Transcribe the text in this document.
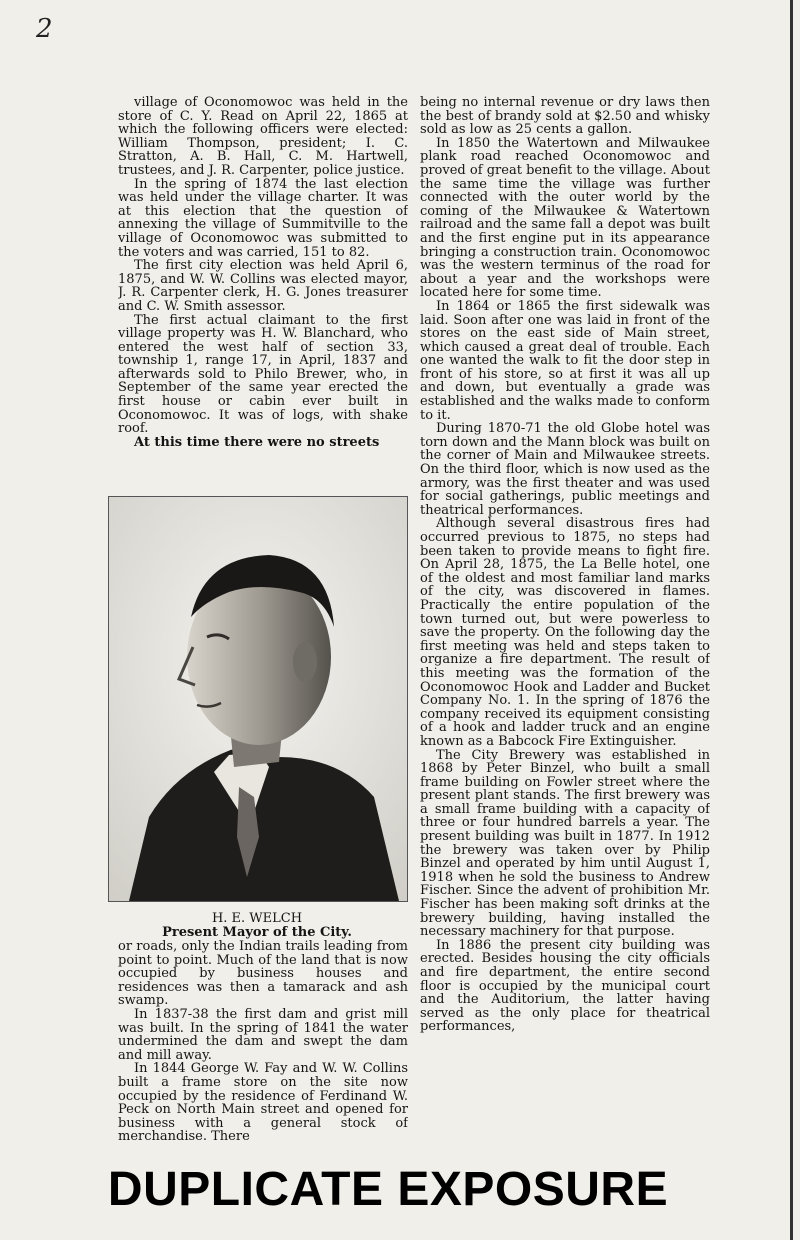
2

village of Oconomowoc was held in the store of C. Y. Read on April 22, 1865 at which the following officers were elected: William Thompson, president; I. C. Stratton, A. B. Hall, C. M. Hartwell, trustees, and J. R. Carpenter, police justice.

In the spring of 1874 the last election was held under the village charter. It was at this election that the question of annexing the village of Summitville to the village of Oconomowoc was submitted to the voters and was carried, 151 to 82.

The first city election was held April 6, 1875, and W. W. Collins was elected mayor, J. R. Carpenter clerk, H. G. Jones treasurer and C. W. Smith assessor.

The first actual claimant to the first village property was H. W. Blanchard, who entered the west half of section 33, township 1, range 17, in April, 1837 and afterwards sold to Philo Brewer, who, in September of the same year erected the first house or cabin ever built in Oconomowoc. It was of logs, with shake roof.

At this time there were no streets

H. E. WELCH
Present Mayor of the City.

or roads, only the Indian trails leading from point to point. Much of the land that is now occupied by business houses and residences was then a tamarack and ash swamp.

In 1837-38 the first dam and grist mill was built. In the spring of 1841 the water undermined the dam and swept the dam and mill away.

In 1844 George W. Fay and W. W. Collins built a frame store on the site now occupied by the residence of Ferdinand W. Peck on North Main street and opened for business with a general stock of merchandise. There

being no internal revenue or dry laws then the best of brandy sold at $2.50 and whisky sold as low as 25 cents a gallon.

In 1850 the Watertown and Milwaukee plank road reached Oconomowoc and proved of great benefit to the village. About the same time the village was further connected with the outer world by the coming of the Milwaukee & Watertown railroad and the same fall a depot was built and the first engine put in its appearance bringing a construction train. Oconomowoc was the western terminus of the road for about a year and the workshops were located here for some time.

In 1864 or 1865 the first sidewalk was laid. Soon after one was laid in front of the stores on the east side of Main street, which caused a great deal of trouble. Each one wanted the walk to fit the door step in front of his store, so at first it was all up and down, but eventually a grade was established and the walks made to conform to it.

During 1870-71 the old Globe hotel was torn down and the Mann block was built on the corner of Main and Milwaukee streets. On the third floor, which is now used as the armory, was the first theater and was used for social gatherings, public meetings and theatrical performances.

Although several disastrous fires had occurred previous to 1875, no steps had been taken to provide means to fight fire. On April 28, 1875, the La Belle hotel, one of the oldest and most familiar land marks of the city, was discovered in flames. Practically the entire population of the town turned out, but were powerless to save the property. On the following day the first meeting was held and steps taken to organize a fire department. The result of this meeting was the formation of the Oconomowoc Hook and Ladder and Bucket Company No. 1. In the spring of 1876 the company received its equipment consisting of a hook and ladder truck and an engine known as a Babcock Fire Extinguisher.

The City Brewery was established in 1868 by Peter Binzel, who built a small frame building on Fowler street where the present plant stands. The first brewery was a small frame building with a capacity of three or four hundred barrels a year. The present building was built in 1877. In 1912 the brewery was taken over by Philip Binzel and operated by him until August 1, 1918 when he sold the business to Andrew Fischer. Since the advent of prohibition Mr. Fischer has been making soft drinks at the brewery building, having installed the necessary machinery for that purpose.

In 1886 the present city building was erected. Besides housing the city officials and fire department, the entire second floor is occupied by the municipal court and the Auditorium, the latter having served as the only place for theatrical performances,

DUPLICATE EXPOSURE
